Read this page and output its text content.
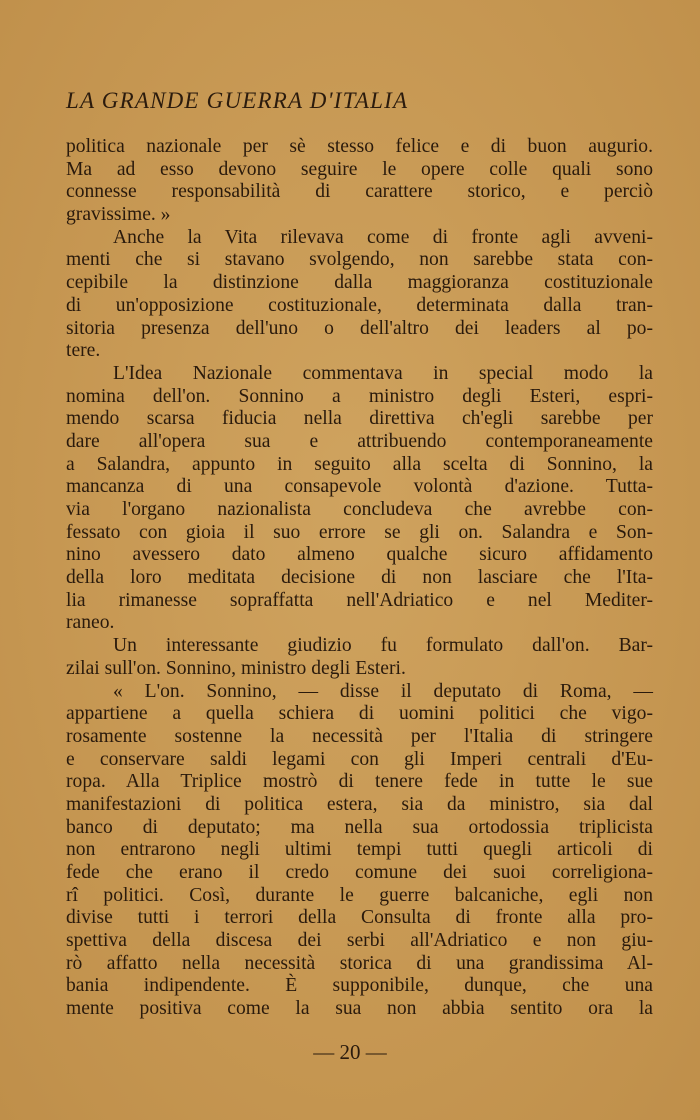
LA GRANDE GUERRA D'ITALIA
politica nazionale per sè stesso felice e di buon augurio.
Ma ad esso devono seguire le opere colle quali sono
connesse responsabilità di carattere storico, e perciò
gravissime. »
Anche la Vita rilevava come di fronte agli avveni-
menti che si stavano svolgendo, non sarebbe stata con-
cepibile la distinzione dalla maggioranza costituzionale
di un'opposizione costituzionale, determinata dalla tran-
sitoria presenza dell'uno o dell'altro dei leaders al po-
tere.
L'Idea Nazionale commentava in special modo la
nomina dell'on. Sonnino a ministro degli Esteri, espri-
mendo scarsa fiducia nella direttiva ch'egli sarebbe per
dare all'opera sua e attribuendo contemporaneamente
a Salandra, appunto in seguito alla scelta di Sonnino, la
mancanza di una consapevole volontà d'azione. Tutta-
via l'organo nazionalista concludeva che avrebbe con-
fessato con gioia il suo errore se gli on. Salandra e Son-
nino avessero dato almeno qualche sicuro affidamento
della loro meditata decisione di non lasciare che l'Ita-
lia rimanesse sopraffatta nell'Adriatico e nel Mediter-
raneo.
Un interessante giudizio fu formulato dall'on. Bar-
zilai sull'on. Sonnino, ministro degli Esteri.
« L'on. Sonnino, — disse il deputato di Roma, —
appartiene a quella schiera di uomini politici che vigo-
rosamente sostenne la necessità per l'Italia di stringere
e conservare saldi legami con gli Imperi centrali d'Eu-
ropa. Alla Triplice mostrò di tenere fede in tutte le sue
manifestazioni di politica estera, sia da ministro, sia dal
banco di deputato; ma nella sua ortodossia triplicista
non entrarono negli ultimi tempi tutti quegli articoli di
fede che erano il credo comune dei suoi correligiona-
rî politici. Così, durante le guerre balcaniche, egli non
divise tutti i terrori della Consulta di fronte alla pro-
spettiva della discesa dei serbi all'Adriatico e non giu-
rò affatto nella necessità storica di una grandissima Al-
bania indipendente. È supponibile, dunque, che una
mente positiva come la sua non abbia sentito ora la
— 20 —
